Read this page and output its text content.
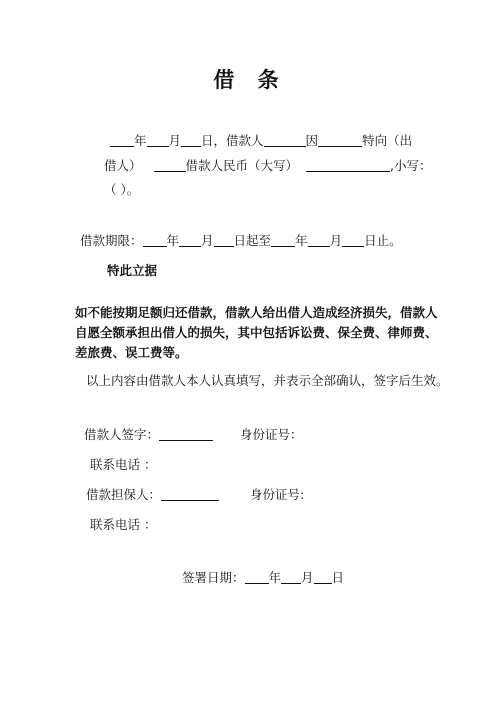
借 条
年 月 日，借款人	因	特向（出
借人）	借款人民币（大写）	,小写：
（ ）。
借款期限： 年 月 日起至 年 月 日止。
特此立据
如不能按期足额归还借款，借款人给出借人造成经济损失，借款人
自愿全额承担出借人的损失，其中包括诉讼费、保全费、律师费、
差旅费、误工费等。
以上内容由借款人本人认真填写，并表示全部确认，签字后生效。
借款人签字：	身份证号：
联系电话 ：
借款担保人：	身份证号:
联系电话 ：
签署日期： 年 月 日
